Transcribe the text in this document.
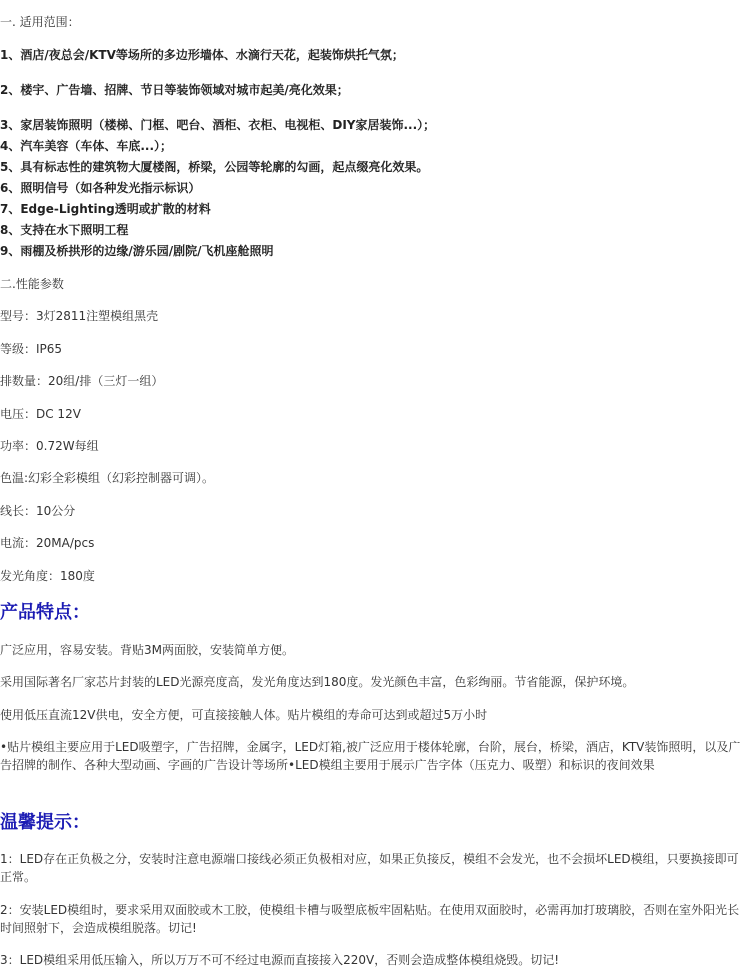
一. 适用范围：
1、酒店/夜总会/KTV等场所的多边形墙体、水滴行天花，起装饰烘托气氛；
2、楼宇、广告墙、招牌、节日等装饰领域对城市起美/亮化效果；
3、家居装饰照明（楼梯、门框、吧台、酒柜、衣柜、电视柜、DIY家居装饰...）；
4、汽车美容（车体、车底...）；
5、具有标志性的建筑物大厦楼阁，桥梁，公园等轮廓的勾画，起点缀亮化效果。
6、照明信号（如各种发光指示标识）
7、Edge-Lighting透明或扩散的材料
8、支持在水下照明工程
9、雨棚及桥拱形的边缘/游乐园/剧院/飞机座舱照明
二.性能参数
型号：3灯2811注塑模组黑壳
等级：IP65
排数量：20组/排（三灯一组）
电压：DC 12V
功率：0.72W每组
色温:幻彩全彩模组（幻彩控制器可调）。
线长：10公分
电流：20MA/pcs
发光角度：180度
产品特点：
广泛应用，容易安装。背贴3M两面胶，安装简单方便。
采用国际著名厂家芯片封装的LED光源亮度高，发光角度达到180度。发光颜色丰富，色彩绚丽。节省能源，保护环境。
使用低压直流12V供电，安全方便，可直接接触人体。贴片模组的寿命可达到或超过5万小时
•贴片模组主要应用于LED吸塑字，广告招牌，金属字，LED灯箱,被广泛应用于楼体轮廓，台阶，展台，桥梁，酒店，KTV装饰照明，以及广告招牌的制作、各种大型动画、字画的广告设计等场所•LED模组主要用于展示广告字体（压克力、吸塑）和标识的夜间效果
温馨提示：
1：LED存在正负极之分，安装时注意电源端口接线必须正负极相对应，如果正负接反，模组不会发光，也不会损坏LED模组，只要换接即可正常。
2：安装LED模组时，要求采用双面胶或木工胶，使模组卡槽与吸塑底板牢固粘贴。在使用双面胶时，必需再加打玻璃胶，否则在室外阳光长时间照射下，会造成模组脱落。切记!
3：LED模组采用低压输入，所以万万不可不经过电源而直接接入220V，否则会造成整体模组烧毁。切记!
